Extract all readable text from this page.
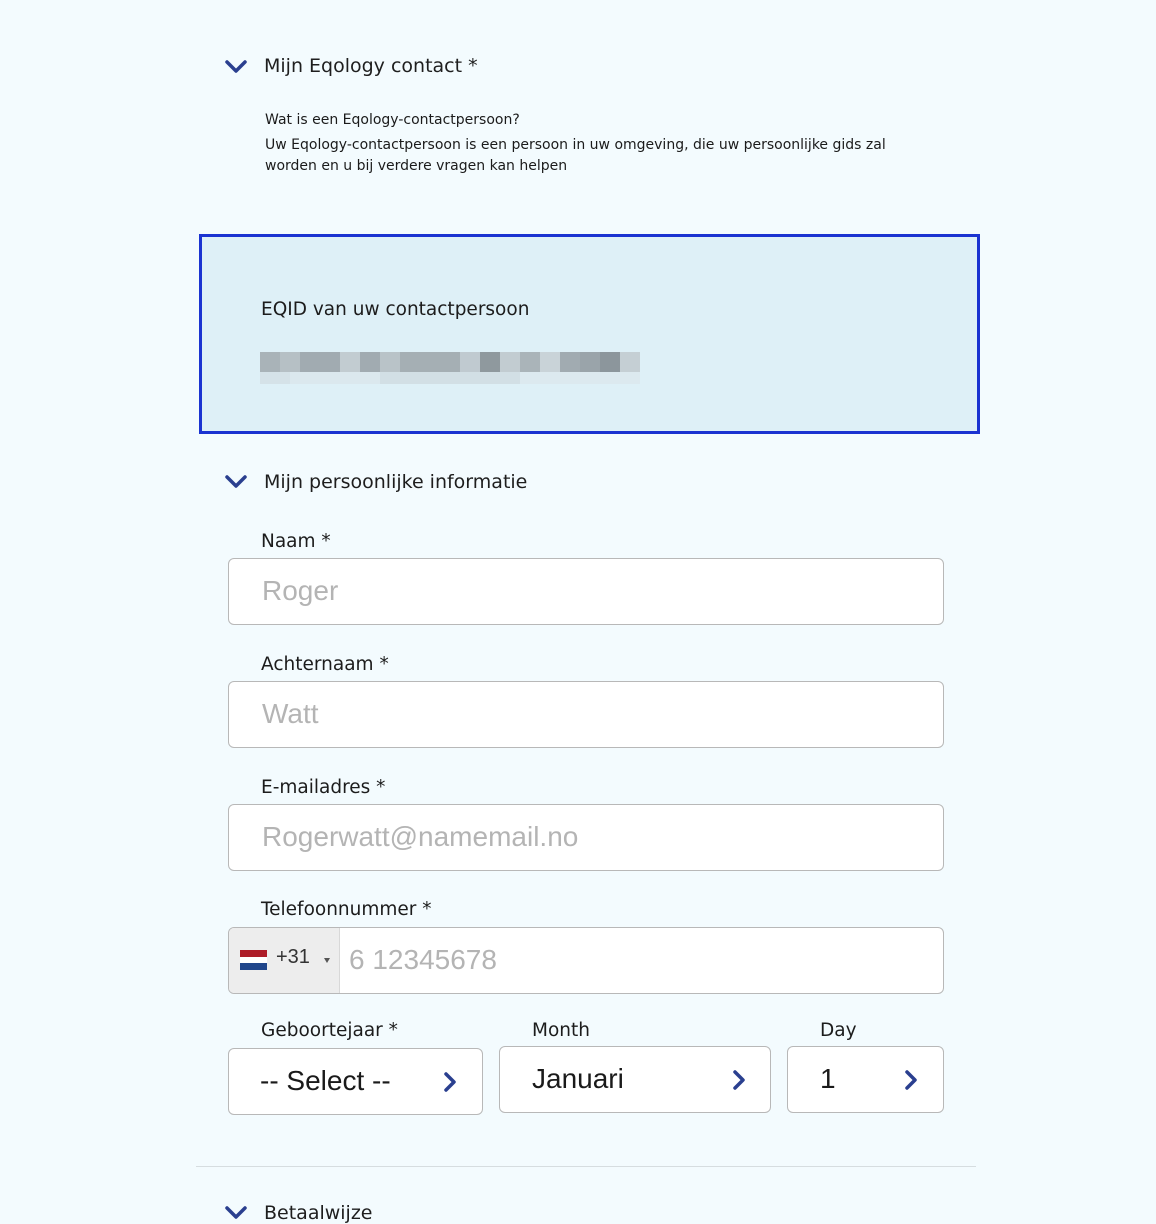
Mijn Eqology contact *
Wat is een Eqology-contactpersoon?
Uw Eqology-contactpersoon is een persoon in uw omgeving, die uw persoonlijke gids zal worden en u bij verdere vragen kan helpen
EQID van uw contactpersoon
Mijn persoonlijke informatie
Naam *
Roger
Achternaam *
Watt
E-mailadres *
Rogerwatt@namemail.no
Telefoonnummer *
+31 6 12345678
Geboortejaar *	Month	Day
-- Select --	Januari	1
Betaalwijze
